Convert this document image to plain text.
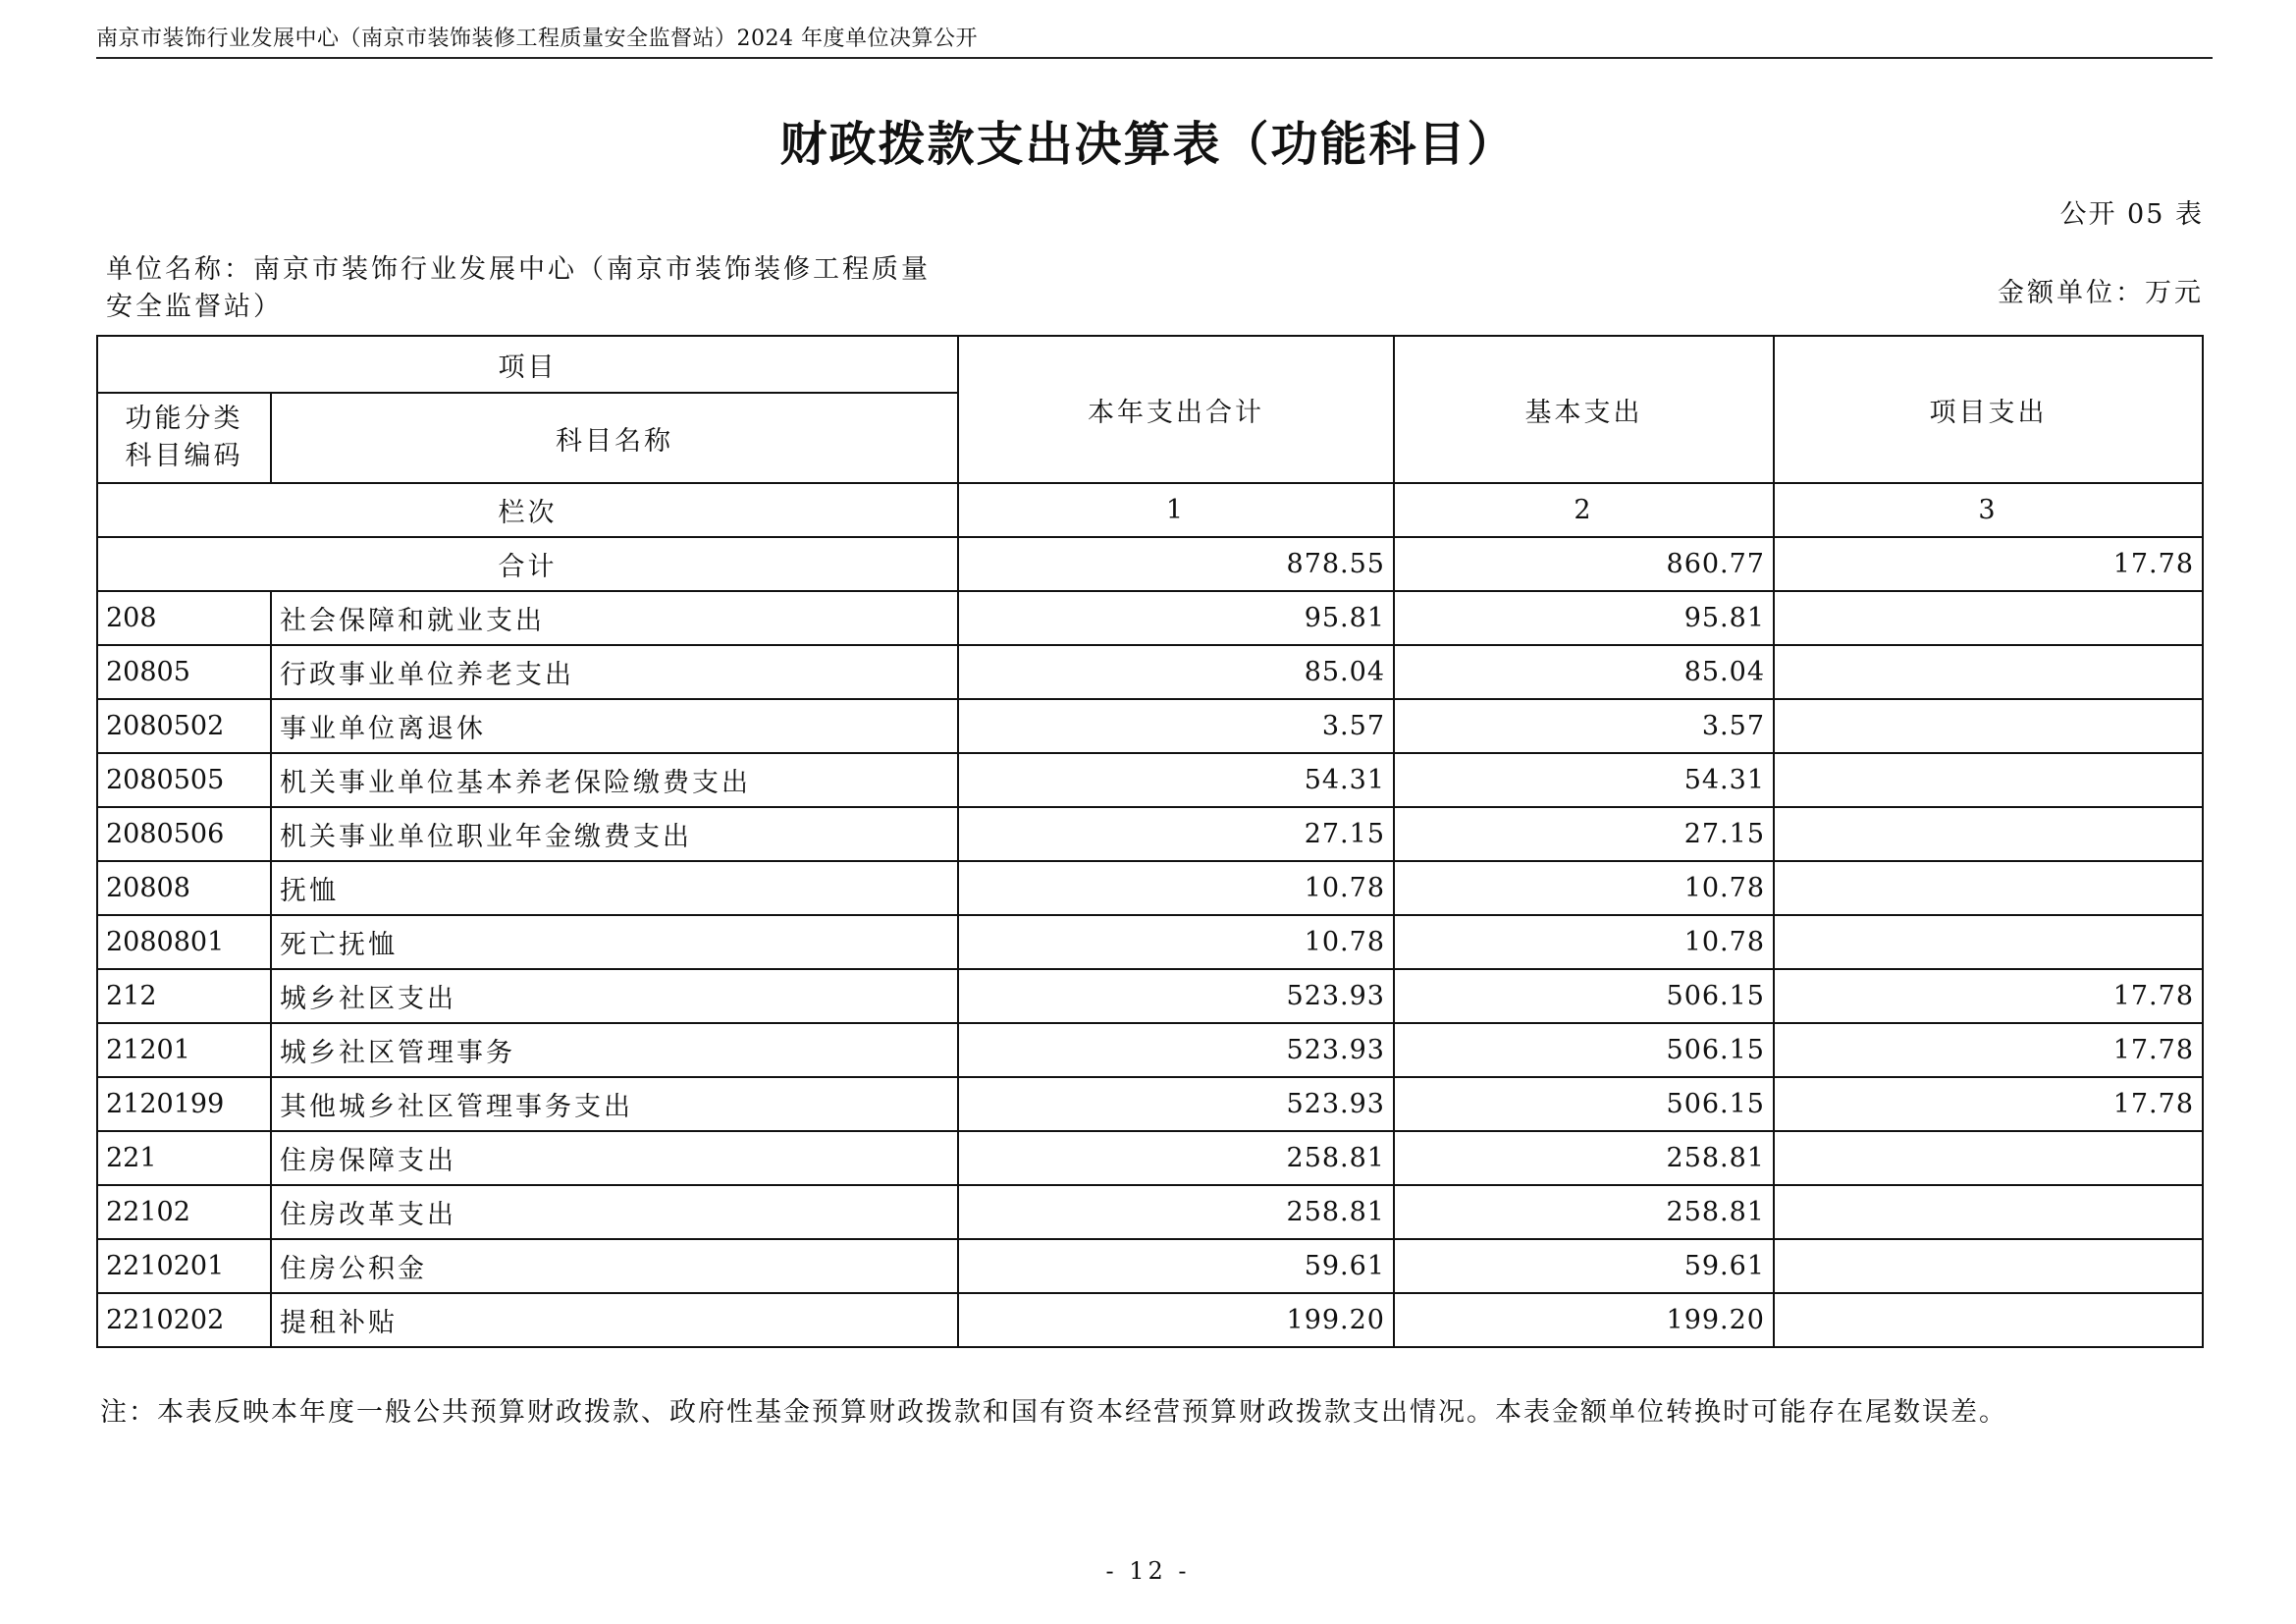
南京市装饰行业发展中心（南京市装饰装修工程质量安全监督站）2024 年度单位决算公开
财政拨款支出决算表（功能科目）
公开 05 表
单位名称：南京市装饰行业发展中心（南京市装饰装修工程质量
安全监督站）	金额单位：万元
项目		本年支出合计	基本支出	项目支出

功能分类
科目编码	科目名称			
栏次		1	2	3
合计		878.55	860.77	17.78
208	社会保障和就业支出	95.81	95.81	
20805	行政事业单位养老支出	85.04	85.04	
2080502	事业单位离退休	3.57	3.57	
2080505	机关事业单位基本养老保险缴费支出	54.31	54.31	
2080506	机关事业单位职业年金缴费支出	27.15	27.15	
20808	抚恤	10.78	10.78	
2080801	死亡抚恤	10.78	10.78	
212	城乡社区支出	523.93	506.15	17.78
21201	城乡社区管理事务	523.93	506.15	17.78
2120199	其他城乡社区管理事务支出	523.93	506.15	17.78
221	住房保障支出	258.81	258.81	
22102	住房改革支出	258.81	258.81	
2210201	住房公积金	59.61	59.61	
2210202	提租补贴	199.20	199.20	
注：本表反映本年度一般公共预算财政拨款、政府性基金预算财政拨款和国有资本经营预算财政拨款支出情况。本表金额单位转换时可能存在尾数误差。
- 12 -
